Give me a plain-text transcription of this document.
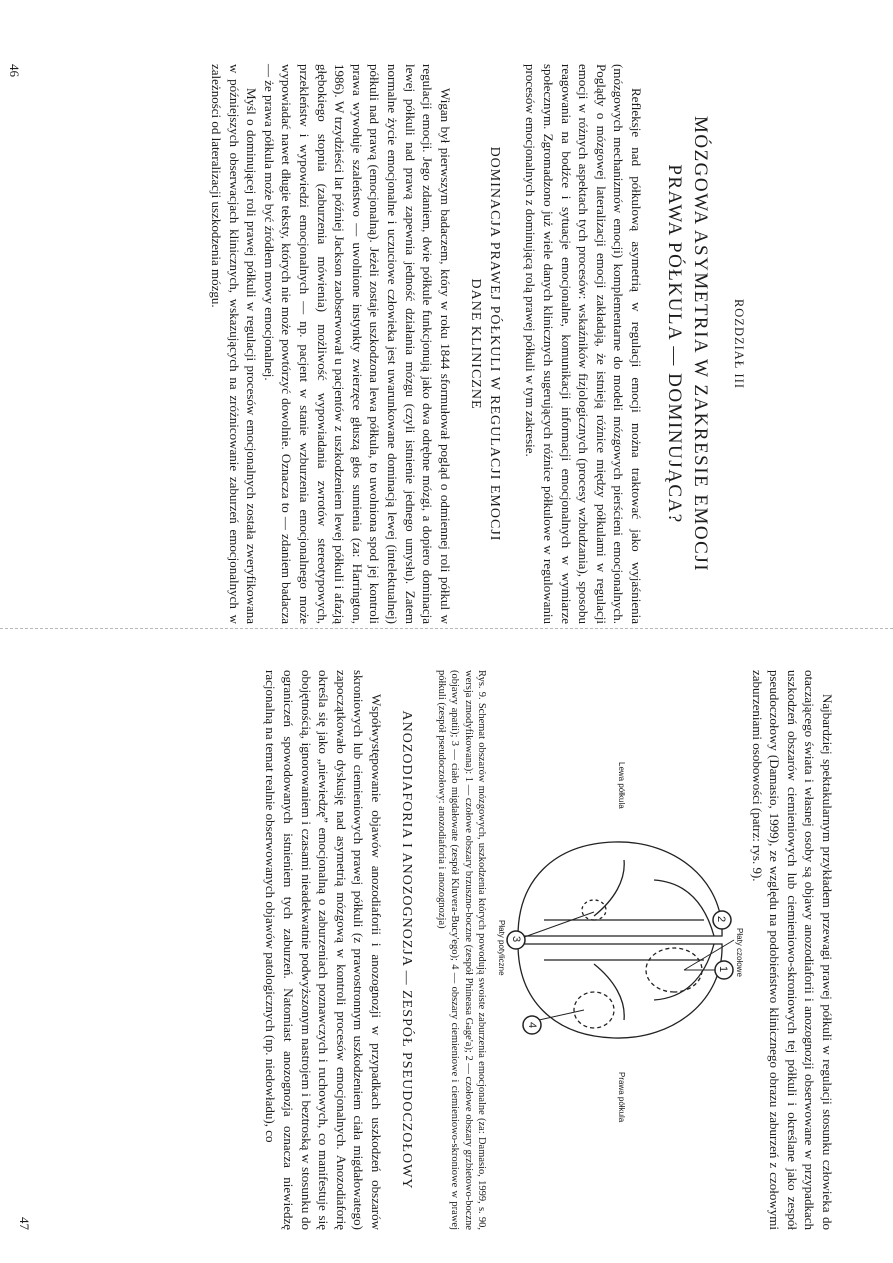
ROZDZIAŁ III
MÓZGOWA ASYMETRIA W ZAKRESIE EMOCJI
PRAWA PÓŁKULA — DOMINUJĄCA?

Refleksje nad półkulową asymetrią w regulacji emocji można traktować jako wyjaśnienia (mózgowych mechanizmów emocji) komplementarne do modeli mózgowych pierścieni emocjonalnych. Poglądy o mózgowej lateralizacji emocji zakładają, że istnieją różnice między półkulami w regulacji emocji w różnych aspektach tych procesów: wskaźników fizjologicznych (procesy wzbudzania), sposobu reagowania na bodźce i sytuacje emocjonalne, komunikacji informacji emocjonalnych w wymiarze społecznym. Zgromadzono już wiele danych klinicznych sugerujących różnice półkulowe w regulowaniu procesów emocjonalnych z dominującą rolą prawej półkuli w tym zakresie.

DOMINACJA PRAWEJ PÓŁKULI W REGULACJI EMOCJI
DANE KLINICZNE

Wigan był pierwszym badaczem, który w roku 1844 sformułował pogląd o odmiennej roli półkul w regulacji emocji. Jego zdaniem, dwie półkule funkcjonują jako dwa odrębne mózgi, a dopiero dominacja lewej półkuli nad prawą zapewnia jedność działania mózgu (czyli istnienie jednego umysłu). Zatem normalne życie emocjonalne i uczuciowe człowieka jest uwarunkowane dominacją lewej (intelektualnej) półkuli nad prawą (emocjonalną). Jeżeli zostaje uszkodzona lewa półkula, to uwolniona spod jej kontroli prawa wywołuje szaleństwo — uwolnione instynkty zwierzęce głuszą głos sumienia (za: Harrington, 1986). W trzydzieści lat później Jackson zaobserwował u pacjentów z uszkodzeniem lewej półkuli i afazją głębokiego stopnia (zaburzenia mówienia) możliwość wypowiadania zwrotów stereotypowych, przekleństw i wypowiedzi emocjonalnych — np. pacjent w stanie wzburzenia emocjonalnego może wypowiadać nawet długie teksty, których nie może powtórzyć dowolnie. Oznacza to — zdaniem badacza — że prawa półkula może być źródłem mowy emocjonalnej.

Myśl o dominującej roli prawej półkuli w regulacji procesów emocjonalnych została zweryfikowana w późniejszych obserwacjach klinicznych, wskazujących na zróżnicowanie zaburzeń emocjonalnych w zależności od lateralizacji uszkodzenia mózgu.

46

Najbardziej spektakularnym przykładem przewagi prawej półkuli w regulacji stosunku człowieka do otaczającego świata i własnej osoby są objawy anozodiaforii i anozognozji obserwowane w przypadkach uszkodzeń obszarów ciemieniowych lub ciemieniowo-skroniowych tej półkuli i określane jako zespół pseudoczołowy (Damasio, 1999), ze względu na podobieństwo klinicznego obrazu zaburzeń z czołowymi zaburzeniami osobowości (patrz: rys. 9).

Płaty czołowe
Lewa półkula
Prawa półkula
Płaty potyliczne	1
2
3
4

Rys. 9. Schemat obszarów mózgowych, uszkodzenia których powodują swoiste zaburzenia emocjonalne (za: Damasio, 1999, s. 90, wersja zmodyfikowana): 1 — czołowe obszary brzuszno-boczne (zespół Phineasa Gage'a); 2 — czołowe obszary grzbietowo-boczne (objawy apatii); 3 — ciało migdałowate (zespół Kluvera-Bucy'ego); 4 — obszary ciemieniowe i ciemieniowo-skroniowe w prawej półkuli (zespół pseudoczołowy: anozodiaforia i anozognozja)

ANOZODIAFORIA I ANOZOGNOZJA — ZESPÓŁ PSEUDOCZOŁOWY

Współwystępowanie objawów anozodiaforii i anozognozji w przypadkach uszkodzeń obszarów skroniowych lub ciemieniowych prawej półkuli (z prawostronnym uszkodzeniem ciała migdałowatego) zapoczątkowało dyskusję nad asymetrią mózgową w kontroli procesów emocjonalnych. Anozodiaforię określa się jako „niewiedzę” emocjonalną o zaburzeniach poznawczych i ruchowych, co manifestuje się obojętnością, ignorowaniem i czasami nieadekwatnie podwyższonym nastrojem i beztroską w stosunku do ograniczeń spowodowanych istnieniem tych zaburzeń. Natomiast anozognozja oznacza niewiedzę racjonalną na temat realnie obserwowanych objawów patologicznych (np. niedowładu), co

47
